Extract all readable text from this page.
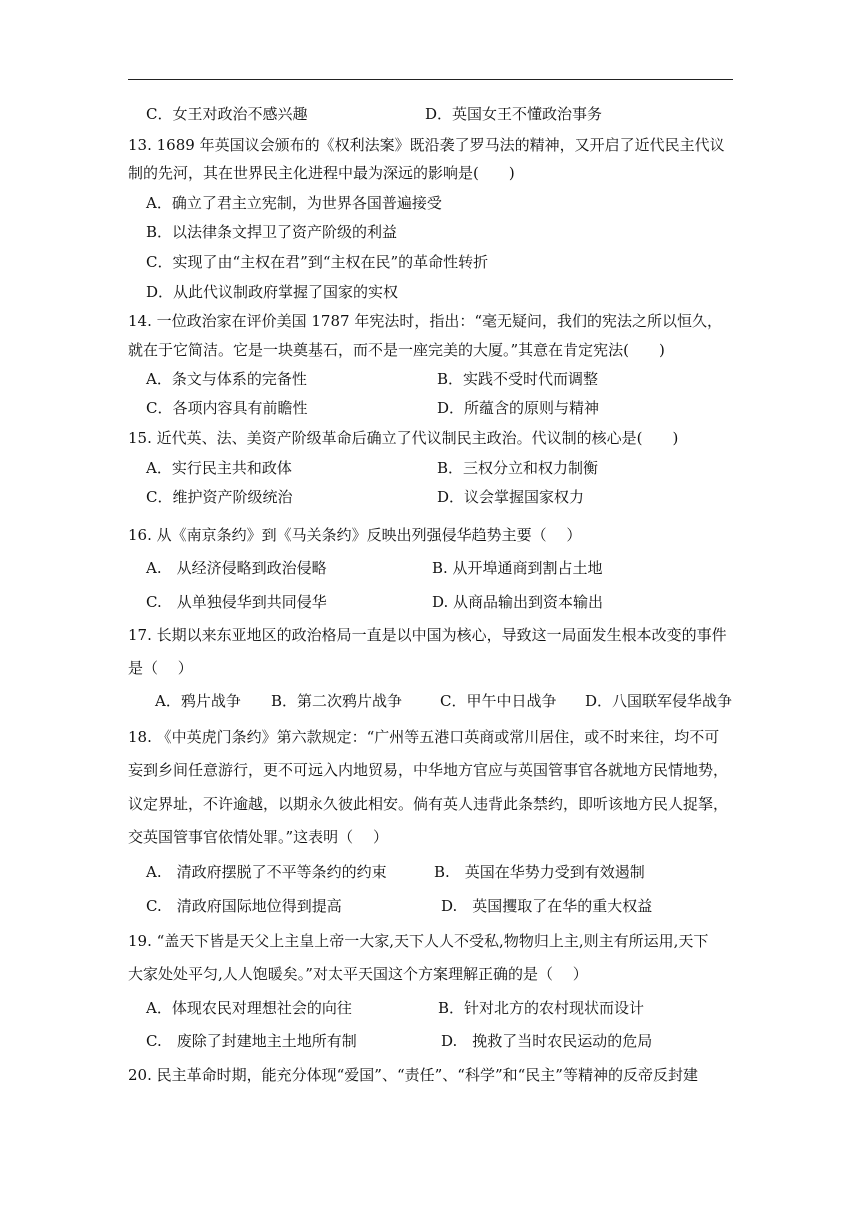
C．女王对政治不感兴趣	D．英国女王不懂政治事务
13. 1689 年英国议会颁布的《权利法案》既沿袭了罗马法的精神，又开启了近代民主代议
制的先河，其在世界民主化进程中最为深远的影响是(　　)
A．确立了君主立宪制，为世界各国普遍接受
B．以法律条文捍卫了资产阶级的利益
C．实现了由“主权在君”到“主权在民”的革命性转折
D．从此代议制政府掌握了国家的实权
14. 一位政治家在评价美国 1787 年宪法时，指出：“毫无疑问，我们的宪法之所以恒久，
就在于它简洁。它是一块奠基石，而不是一座完美的大厦。”其意在肯定宪法(　　)
A．条文与体系的完备性	B．实践不受时代而调整
C．各项内容具有前瞻性	D．所蕴含的原则与精神
15. 近代英、法、美资产阶级革命后确立了代议制民主政治。代议制的核心是(　　)
A．实行民主共和政体	B．三权分立和权力制衡
C．维护资产阶级统治	D．议会掌握国家权力
16. 从《南京条约》到《马关条约》反映出列强侵华趋势主要（　 ）
A.　从经济侵略到政治侵略	B. 从开埠通商到割占土地
C.　从单独侵华到共同侵华	D. 从商品输出到资本输出
17. 长期以来东亚地区的政治格局一直是以中国为核心，导致这一局面发生根本改变的事件
是（　 ）
A．鸦片战争 B．第二次鸦片战争	C．甲午中日战争 D．八国联军侵华战争
18. 《中英虎门条约》第六款规定：“广州等五港口英商或常川居住，或不时来往，均不可
妄到乡间任意游行，更不可远入内地贸易，中华地方官应与英国管事官各就地方民情地势，
议定界址，不许逾越，以期永久彼此相安。倘有英人违背此条禁约，即听该地方民人捉拏，
交英国管事官依情处罪。”这表明（　 ）
A.　清政府摆脱了不平等条约的约束	B.　英国在华势力受到有效遏制
C.　清政府国际地位得到提高	D.　英国攫取了在华的重大权益
19. “盖天下皆是天父上主皇上帝一大家,天下人人不受私,物物归上主,则主有所运用,天下
大家处处平匀,人人饱暖矣。”对太平天国这个方案理解正确的是（　 ）
A．体现农民对理想社会的向往	B．针对北方的农村现状而设计
C.　废除了封建地主土地所有制	D.　挽救了当时农民运动的危局
20. 民主革命时期，能充分体现“爱国”、“责任”、“科学”和“民主”等精神的反帝反封建
